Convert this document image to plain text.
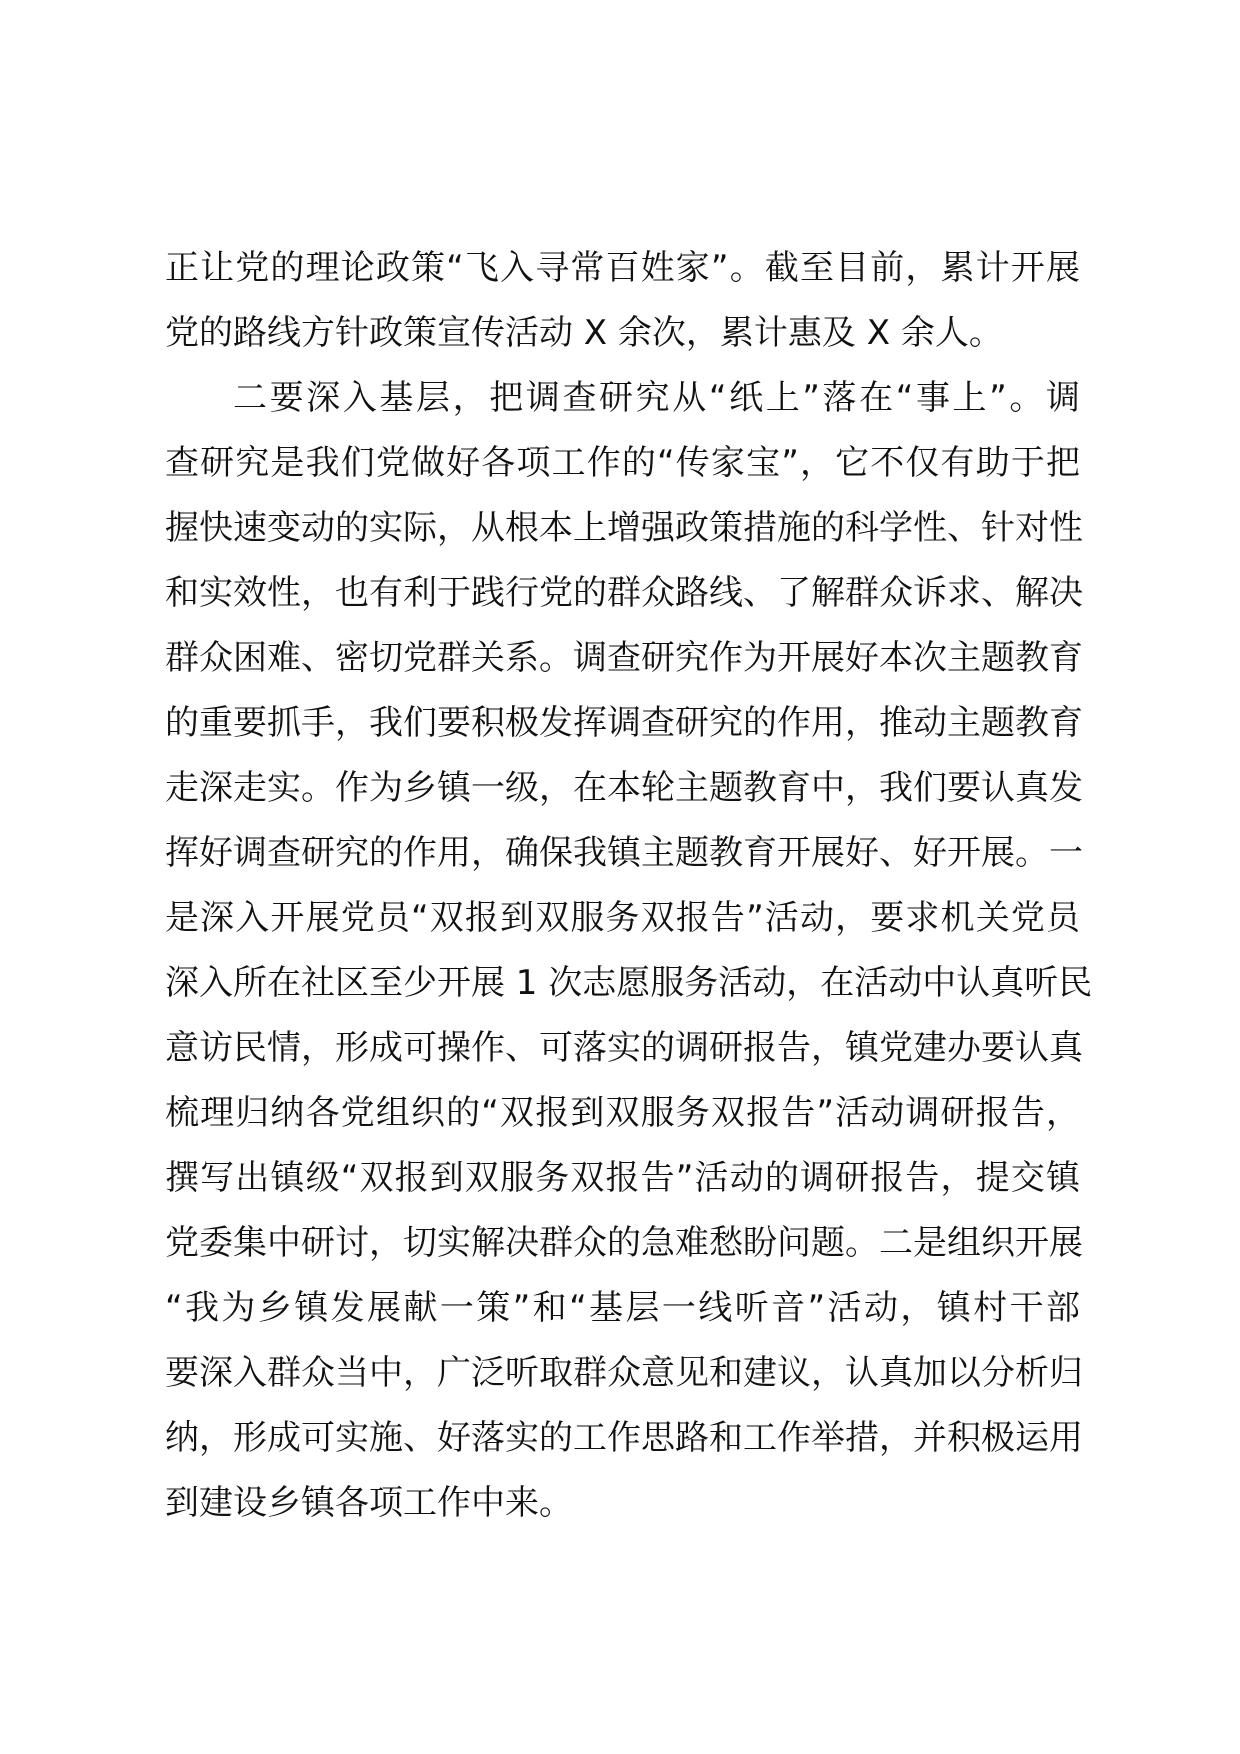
正让党的理论政策“飞入寻常百姓家”。截至目前，累计开展
党的路线方针政策宣传活动 X 余次，累计惠及 X 余人。
二要深入基层，把调查研究从“纸上”落在“事上”。调
查研究是我们党做好各项工作的“传家宝”，它不仅有助于把
握快速变动的实际，从根本上增强政策措施的科学性、针对性
和实效性，也有利于践行党的群众路线、了解群众诉求、解决
群众困难、密切党群关系。调查研究作为开展好本次主题教育
的重要抓手，我们要积极发挥调查研究的作用，推动主题教育
走深走实。作为乡镇一级，在本轮主题教育中，我们要认真发
挥好调查研究的作用，确保我镇主题教育开展好、好开展。一
是深入开展党员“双报到双服务双报告”活动，要求机关党员
深入所在社区至少开展 1 次志愿服务活动，在活动中认真听民
意访民情，形成可操作、可落实的调研报告，镇党建办要认真
梳理归纳各党组织的“双报到双服务双报告”活动调研报告，
撰写出镇级“双报到双服务双报告”活动的调研报告，提交镇
党委集中研讨，切实解决群众的急难愁盼问题。二是组织开展
“我为乡镇发展献一策”和“基层一线听音”活动，镇村干部
要深入群众当中，广泛听取群众意见和建议，认真加以分析归
纳，形成可实施、好落实的工作思路和工作举措，并积极运用
到建设乡镇各项工作中来。
